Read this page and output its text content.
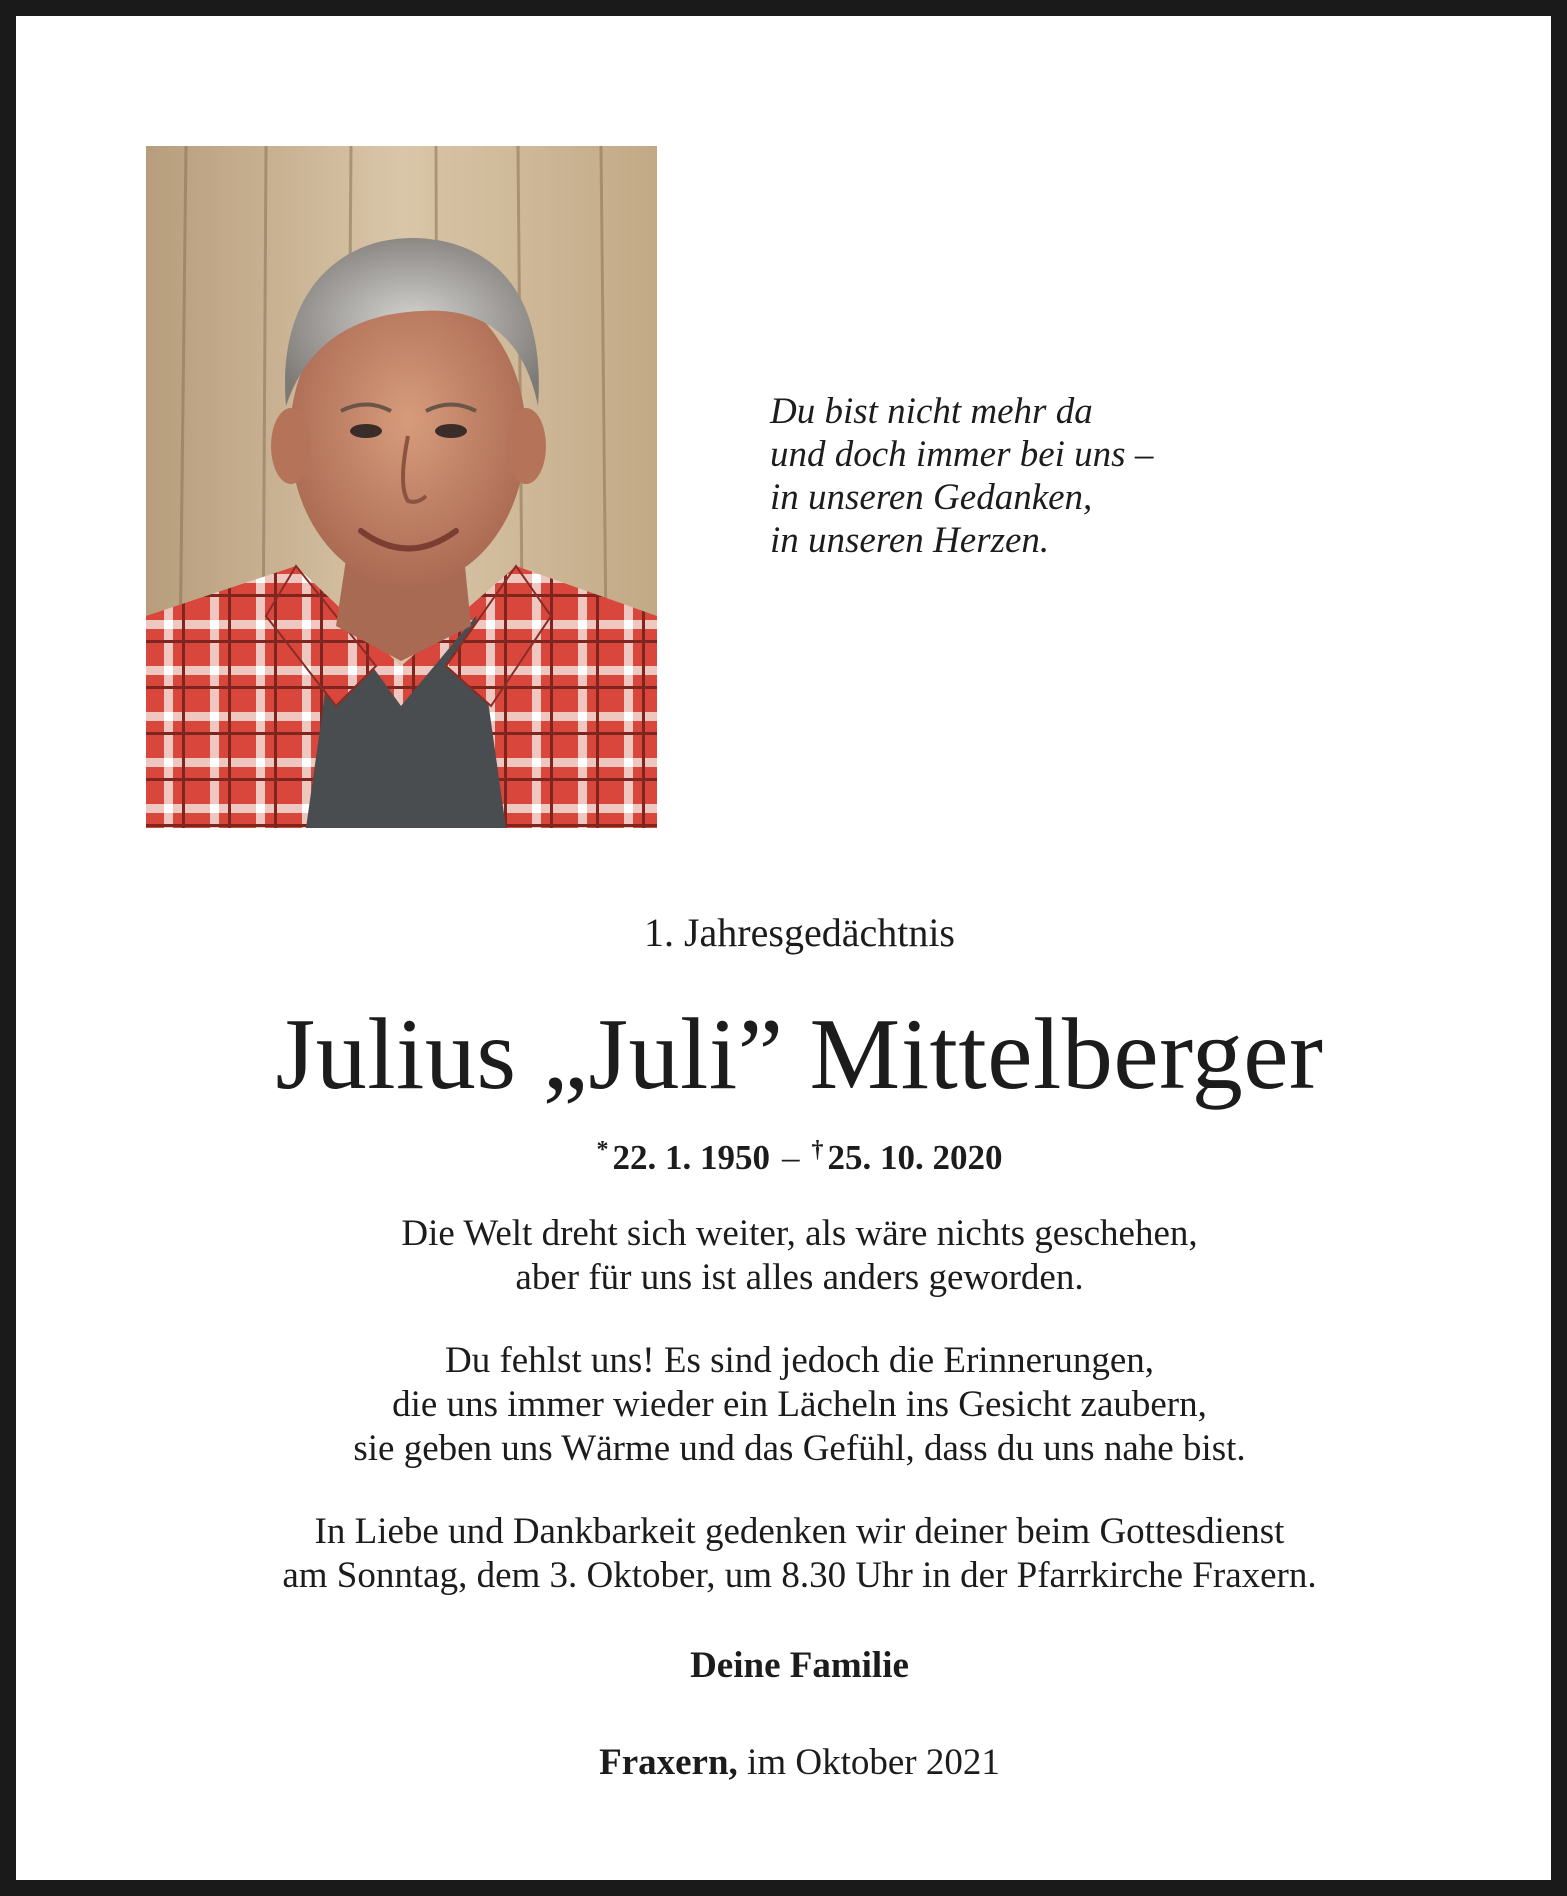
Du bist nicht mehr da
und doch immer bei uns –
in unseren Gedanken,
in unseren Herzen.
1. Jahresgedächtnis
Julius „Juli” Mittelberger
* 22. 1. 1950 – † 25. 10. 2020
Die Welt dreht sich weiter, als wäre nichts geschehen,
aber für uns ist alles anders geworden.
Du fehlst uns! Es sind jedoch die Erinnerungen,
die uns immer wieder ein Lächeln ins Gesicht zaubern,
sie geben uns Wärme und das Gefühl, dass du uns nahe bist.
In Liebe und Dankbarkeit gedenken wir deiner beim Gottesdienst
am Sonntag, dem 3. Oktober, um 8.30 Uhr in der Pfarrkirche Fraxern.
Deine Familie
Fraxern, im Oktober 2021
